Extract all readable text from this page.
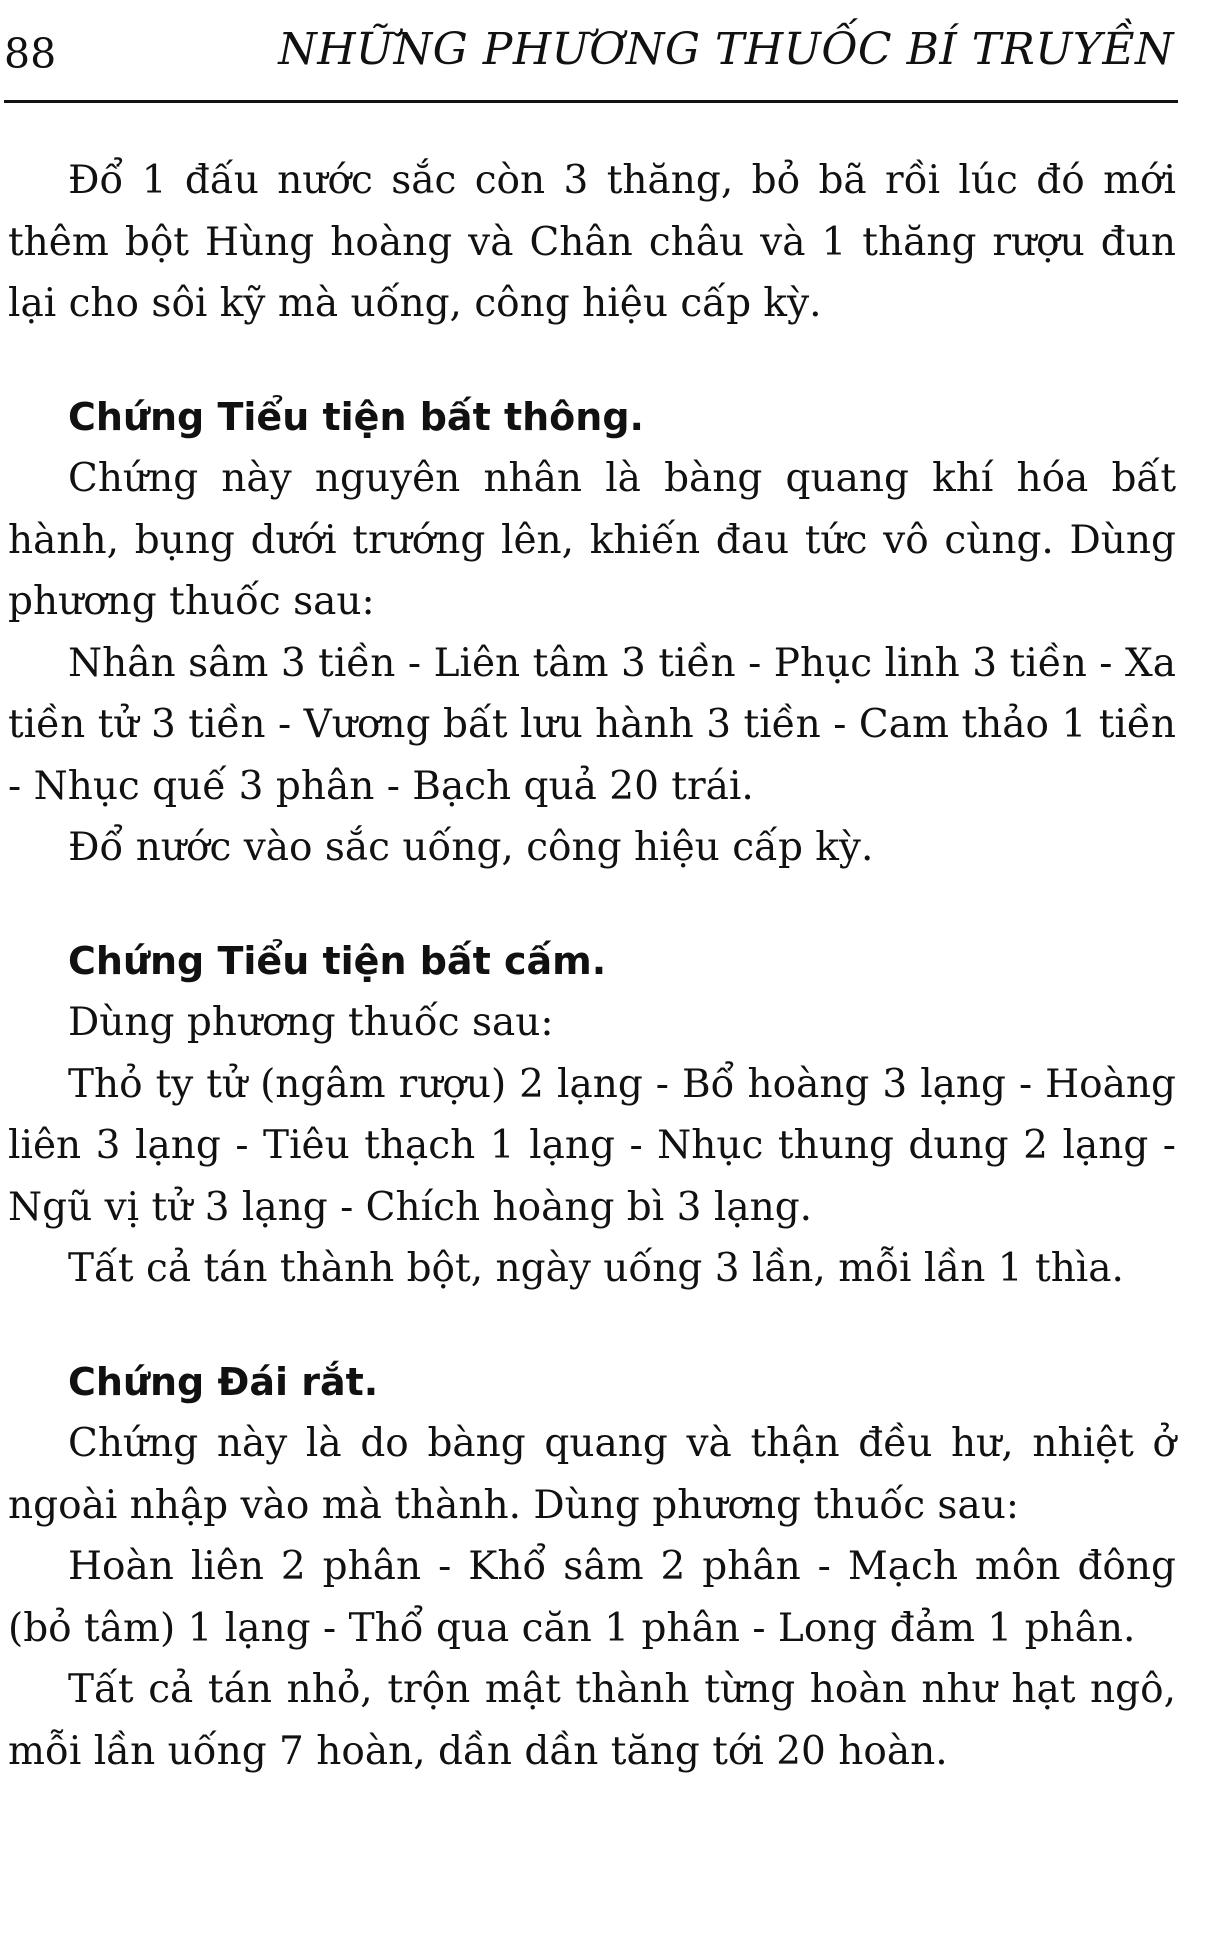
88	NHỮNG PHƯƠNG THUỐC BÍ TRUYỀN

Đổ 1 đấu nước sắc còn 3 thăng, bỏ bã rồi lúc đó mới thêm bột Hùng hoàng và Chân châu và 1 thăng rượu đun lại cho sôi kỹ mà uống, công hiệu cấp kỳ.

Chứng Tiểu tiện bất thông.

Chứng này nguyên nhân là bàng quang khí hóa bất hành, bụng dưới trướng lên, khiến đau tức vô cùng. Dùng phương thuốc sau:

Nhân sâm 3 tiền - Liên tâm 3 tiền - Phục linh 3 tiền - Xa tiền tử 3 tiền - Vương bất lưu hành 3 tiền - Cam thảo 1 tiền - Nhục quế 3 phân - Bạch quả 20 trái.

Đổ nước vào sắc uống, công hiệu cấp kỳ.

Chứng Tiểu tiện bất cấm.

Dùng phương thuốc sau:

Thỏ ty tử (ngâm rượu) 2 lạng - Bổ hoàng 3 lạng - Hoàng liên 3 lạng - Tiêu thạch 1 lạng - Nhục thung dung 2 lạng - Ngũ vị tử 3 lạng - Chích hoàng bì 3 lạng.

Tất cả tán thành bột, ngày uống 3 lần, mỗi lần 1 thìa.

Chứng Đái rắt.

Chứng này là do bàng quang và thận đều hư, nhiệt ở ngoài nhập vào mà thành. Dùng phương thuốc sau:

Hoàn liên 2 phân - Khổ sâm 2 phân - Mạch môn đông (bỏ tâm) 1 lạng - Thổ qua căn 1 phân - Long đảm 1 phân.

Tất cả tán nhỏ, trộn mật thành từng hoàn như hạt ngô, mỗi lần uống 7 hoàn, dần dần tăng tới 20 hoàn.
